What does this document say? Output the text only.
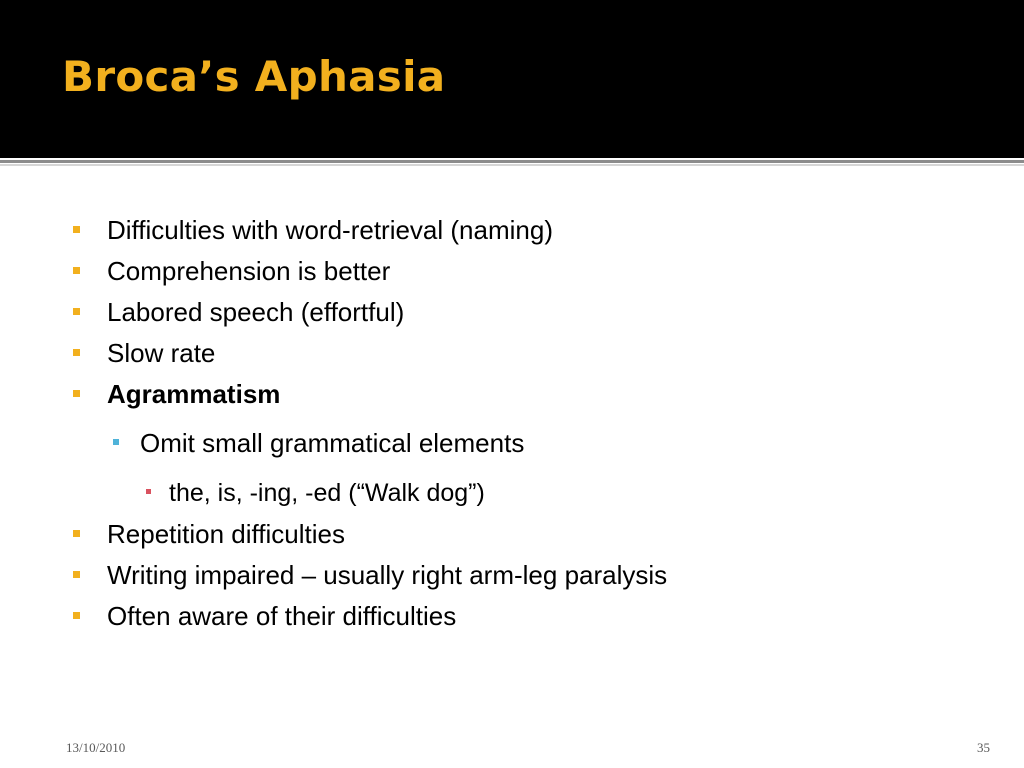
Broca’s Aphasia
Difficulties with word-retrieval (naming)
Comprehension is better
Labored speech (effortful)
Slow rate
Agrammatism
Omit small grammatical elements
the, is, -ing, -ed (“Walk dog”)
Repetition difficulties
Writing impaired – usually right arm-leg paralysis
Often aware of their difficulties
13/10/2010	35
